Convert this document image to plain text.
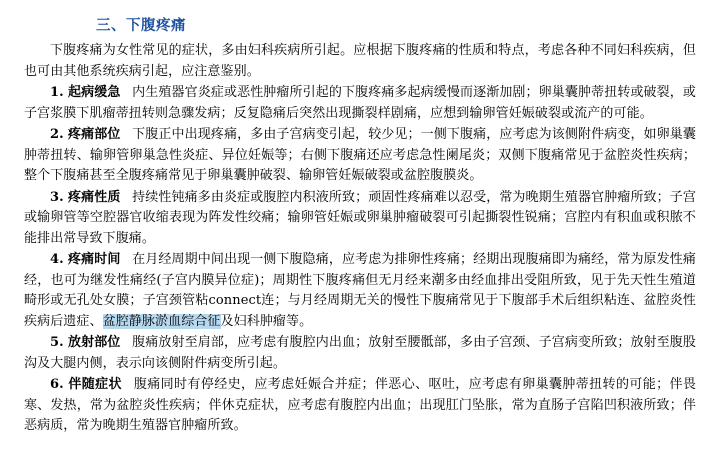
三、下腹疼痛

下腹疼痛为女性常见的症状，多由妇科疾病所引起。应根据下腹疼痛的性质和特点，考虑各种不同妇科疾病，但也可由其他系统疾病引起，应注意鉴别。

1. 起病缓急 内生殖器官炎症或恶性肿瘤所引起的下腹疼痛多起病缓慢而逐渐加剧；卵巢囊肿蒂扭转或破裂，或子宫浆膜下肌瘤蒂扭转则急骤发病；反复隐痛后突然出现撕裂样剧痛，应想到输卵管妊娠破裂或流产的可能。

2. 疼痛部位 下腹正中出现疼痛，多由子宫病变引起，较少见；一侧下腹痛，应考虑为该侧附件病变，如卵巢囊肿蒂扭转、输卵管卵巢急性炎症、异位妊娠等；右侧下腹痛还应考虑急性阑尾炎；双侧下腹痛常见于盆腔炎性疾病；整个下腹痛甚至全腹疼痛常见于卵巢囊肿破裂、输卵管妊娠破裂或盆腔腹膜炎。

3. 疼痛性质 持续性钝痛多由炎症或腹腔内积液所致；顽固性疼痛难以忍受，常为晚期生殖器官肿瘤所致；子宫或输卵管等空腔器官收缩表现为阵发性绞痛；输卵管妊娠或卵巢肿瘤破裂可引起撕裂性锐痛；宫腔内有积血或积脓不能排出常导致下腹痛。

4. 疼痛时间 在月经周期中间出现一侧下腹隐痛，应考虑为排卵性疼痛；经期出现腹痛即为痛经，常为原发性痛经，也可为继发性痛经(子宫内膜异位症)；周期性下腹疼痛但无月经来潮多由经血排出受阻所致，见于先天性生殖道畸形或无孔处女膜；子宫颈管粘connect连；与月经周期无关的慢性下腹痛常见于下腹部手术后组织粘连、盆腔炎性疾病后遗症、盆腔静脉淤血综合征及妇科肿瘤等。

5. 放射部位 腹痛放射至肩部，应考虑有腹腔内出血；放射至腰骶部，多由子宫颈、子宫病变所致；放射至腹股沟及大腿内侧，表示向该侧附件病变所引起。

6. 伴随症状 腹痛同时有停经史，应考虑妊娠合并症；伴恶心、呕吐，应考虑有卵巢囊肿蒂扭转的可能；伴畏寒、发热，常为盆腔炎性疾病；伴休克症状，应考虑有腹腔内出血；出现肛门坠胀，常为直肠子宫陷凹积液所致；伴恶病质，常为晚期生殖器官肿瘤所致。
